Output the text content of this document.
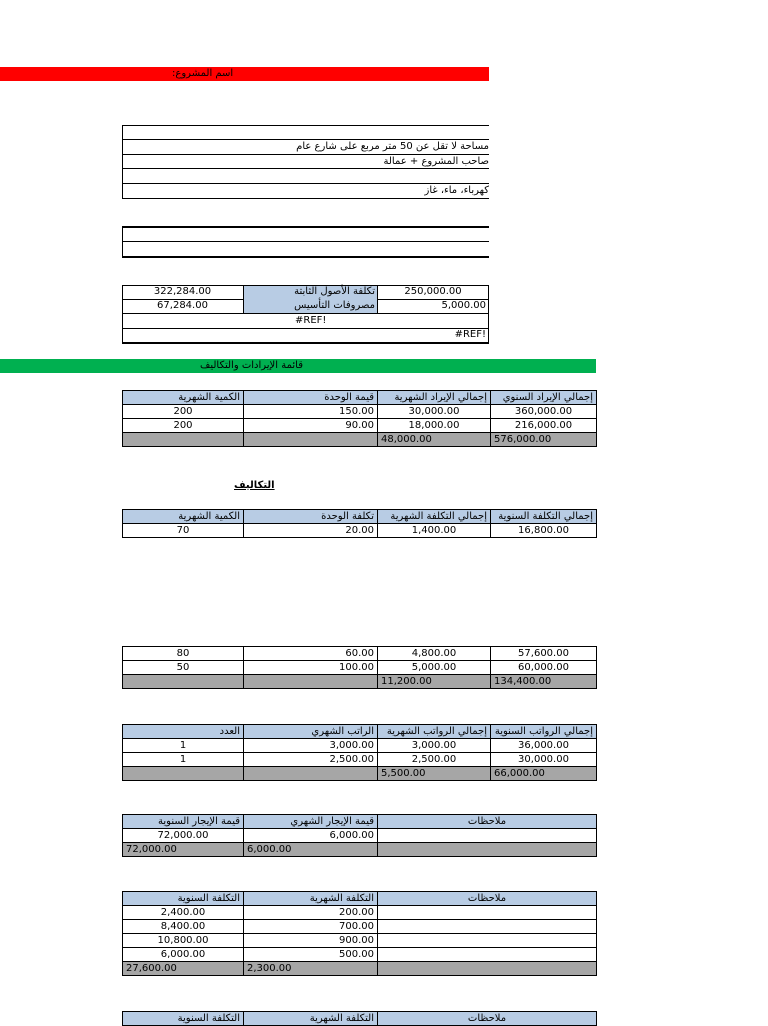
:اسم المشروع
مساحة لا تقل عن 50 متر مربع على شارع عام
صاحب المشروع + عمالة
كهرباء، ماء، غاز
322,284.00	تكلفة الأصول الثابتة	250,000.00
67,284.00	مصروفات التأسيس	5,000.00
#REF!
#REF!
قائمة الإيرادات والتكاليف
الكمية الشهرية	قيمة الوحدة	إجمالي الإيراد الشهرية	إجمالي الإيراد السنوي
200	150.00	30,000.00	360,000.00
200	90.00	18,000.00	216,000.00
		48,000.00	576,000.00
التكاليف
الكمية الشهرية	تكلفة الوحدة	إجمالي التكلفة الشهرية	إجمالي التكلفة السنوية
70	20.00	1,400.00	16,800.00
80	60.00	4,800.00	57,600.00
50	100.00	5,000.00	60,000.00
		11,200.00	134,400.00
العدد	الراتب الشهري	إجمالي الرواتب الشهرية	إجمالي الرواتب السنوية
1	3,000.00	3,000.00	36,000.00
1	2,500.00	2,500.00	30,000.00
		5,500.00	66,000.00
قيمة الإيجار السنوية	قيمة الإيجار الشهري	ملاحظات
72,000.00	6,000.00	
72,000.00	6,000.00	
التكلفة السنوية	التكلفة الشهرية	ملاحظات
2,400.00	200.00	
8,400.00	700.00	
10,800.00	900.00	
6,000.00	500.00	
27,600.00	2,300.00	
التكلفة السنوية	التكلفة الشهرية	ملاحظات
